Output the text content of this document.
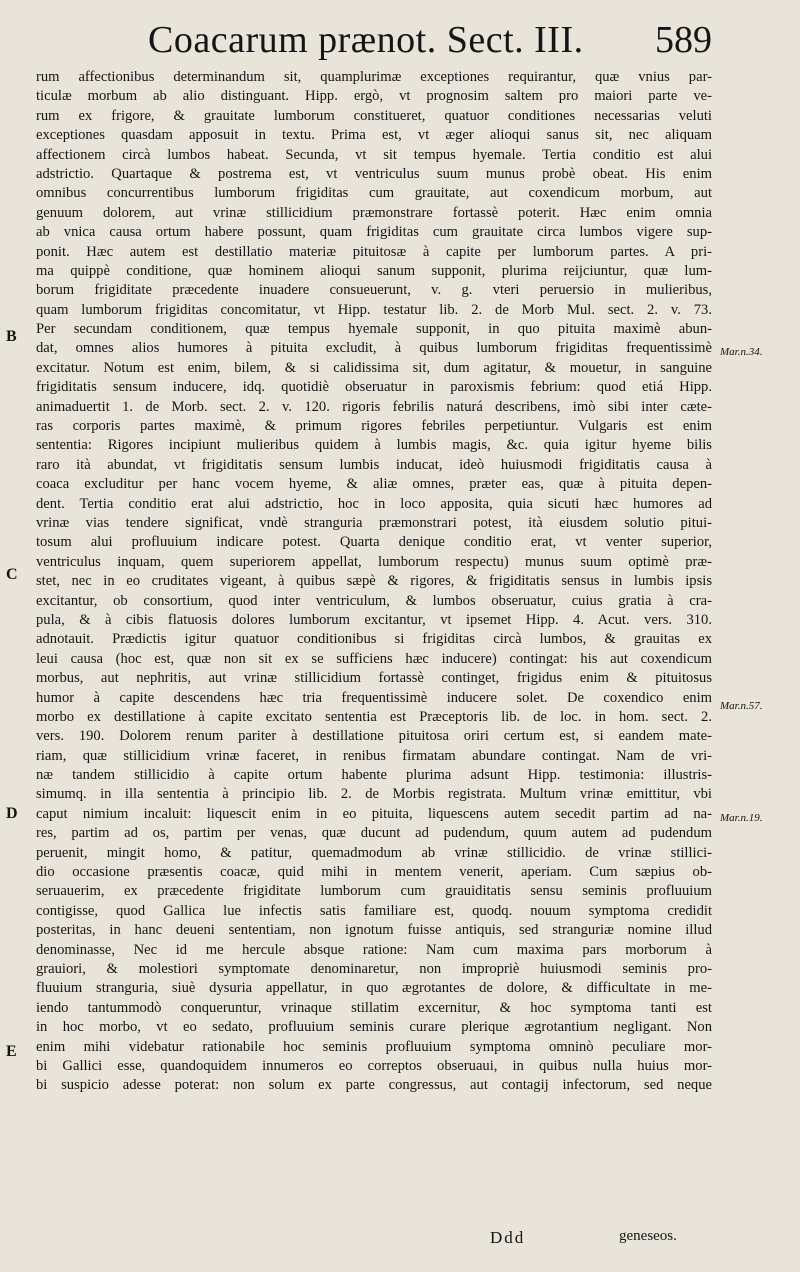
Coacarum prænot. Sect. III. 589
rum affectionibus determinandum sit, quamplurimæ exceptiones requirantur, quæ vnius par-
ticulæ morbum ab alio distinguant. Hipp. ergò, vt prognosim saltem pro maiori parte ve-
rum ex frigore, & grauitate lumborum constitueret, quatuor conditiones necessarias veluti
exceptiones quasdam apposuit in textu. Prima est, vt æger alioqui sanus sit, nec aliquam
affectionem circà lumbos habeat. Secunda, vt sit tempus hyemale. Tertia conditio est alui
adstrictio. Quartaque & postrema est, vt ventriculus suum munus probè obeat. His enim
omnibus concurrentibus lumborum frigiditas cum grauitate, aut coxendicum morbum, aut
genuum dolorem, aut vrinæ stillicidium præmonstrare fortassè poterit. Hæc enim omnia
ab vnica causa ortum habere possunt, quam frigiditas cum grauitate circa lumbos vigere sup-
ponit. Hæc autem est destillatio materiæ pituitosæ à capite per lumborum partes. A pri-
ma quippè conditione, quæ hominem alioqui sanum supponit, plurima reijciuntur, quæ lum-
borum frigiditate præcedente inuadere consueuerunt, v. g. vteri peruersio in mulieribus,
quam lumborum frigiditas concomitatur, vt Hipp. testatur lib. 2. de Morb Mul. sect. 2. v. 73.
Per secundam conditionem, quæ tempus hyemale supponit, in quo pituita maximè abun-
dat, omnes alios humores à pituita excludit, à quibus lumborum frigiditas frequentissimè
excitatur. Notum est enim, bilem, & si calidissima sit, dum agitatur, & mouetur, in sanguine
frigiditatis sensum inducere, idq. quotidiè obseruatur in paroxismis febrium: quod etiá Hipp.
animaduertit 1. de Morb. sect. 2. v. 120. rigoris febrilis naturá describens, imò sibi inter cæte-
ras corporis partes maximè, & primum rigores febriles perpetiuntur. Vulgaris est enim
sententia: Rigores incipiunt mulieribus quidem à lumbis magis, &c. quia igitur hyeme bilis
raro ità abundat, vt frigiditatis sensum lumbis inducat, ideò huiusmodi frigiditatis causa à
coaca excluditur per hanc vocem hyeme, & aliæ omnes, præter eas, quæ à pituita depen-
dent. Tertia conditio erat alui adstrictio, hoc in loco apposita, quia sicuti hæc humores ad
vrinæ vias tendere significat, vndè stranguria præmonstrari potest, ità eiusdem solutio pitui-
tosum alui profluuium indicare potest. Quarta denique conditio erat, vt venter superior,
ventriculus inquam, quem superiorem appellat, lumborum respectu) munus suum optimè præ-
stet, nec in eo cruditates vigeant, à quibus sæpè & rigores, & frigiditatis sensus in lumbis ipsis
excitantur, ob consortium, quod inter ventriculum, & lumbos obseruatur, cuius gratia à cra-
pula, & à cibis flatuosis dolores lumborum excitantur, vt ipsemet Hipp. 4. Acut. vers. 310.
adnotauit. Prædictis igitur quatuor conditionibus si frigiditas circà lumbos, & grauitas ex
leui causa (hoc est, quæ non sit ex se sufficiens hæc inducere) contingat: his aut coxendicum
morbus, aut nephritis, aut vrinæ stillicidium fortassè continget, frigidus enim & pituitosus
humor à capite descendens hæc tria frequentissimè inducere solet. De coxendico enim
morbo ex destillatione à capite excitato sententia est Præceptoris lib. de loc. in hom. sect. 2.
vers. 190. Dolorem renum pariter à destillatione pituitosa oriri certum est, si eandem mate-
riam, quæ stillicidium vrinæ faceret, in renibus firmatam abundare contingat. Nam de vri-
næ tandem stillicidio à capite ortum habente plurima adsunt Hipp. testimonia: illustris-
simumq. in illa sententia à principio lib. 2. de Morbis registrata. Multum vrinæ emittitur, vbi
caput nimium incaluit: liquescit enim in eo pituita, liquescens autem secedit partim ad na-
res, partim ad os, partim per venas, quæ ducunt ad pudendum, quum autem ad pudendum
peruenit, mingit homo, & patitur, quemadmodum ab vrinæ stillicidio. de vrinæ stillici-
dio occasione præsentis coacæ, quid mihi in mentem venerit, aperiam. Cum sæpius ob-
seruauerim, ex præcedente frigiditate lumborum cum grauiditatis sensu seminis profluuium
contigisse, quod Gallica lue infectis satis familiare est, quodq. nouum symptoma credidit
posteritas, in hanc deueni sententiam, non ignotum fuisse antiquis, sed stranguriæ nomine illud
denominasse, Nec id me hercule absque ratione: Nam cum maxima pars morborum à
grauiori, & molestiori symptomate denominaretur, non impropriè huiusmodi seminis pro-
fluuium stranguria, siuè dysuria appellatur, in quo ægrotantes de dolore, & difficultate in me-
iendo tantummodò conqueruntur, vrinaque stillatim excernitur, & hoc symptoma tanti est
in hoc morbo, vt eo sedato, profluuium seminis curare plerique ægrotantium negligant. Non
enim mihi videbatur rationabile hoc seminis profluuium symptoma omninò peculiare mor-
bi Gallici esse, quandoquidem innumeros eo correptos obseruaui, in quibus nulla huius mor-
bi suspicio adesse poterat: non solum ex parte congressus, aut contagij infectorum, sed neque
B
C
D
E
Mar.n.34.
Mar.n.57.
Mar.n.19.
Ddd	geneseos.
